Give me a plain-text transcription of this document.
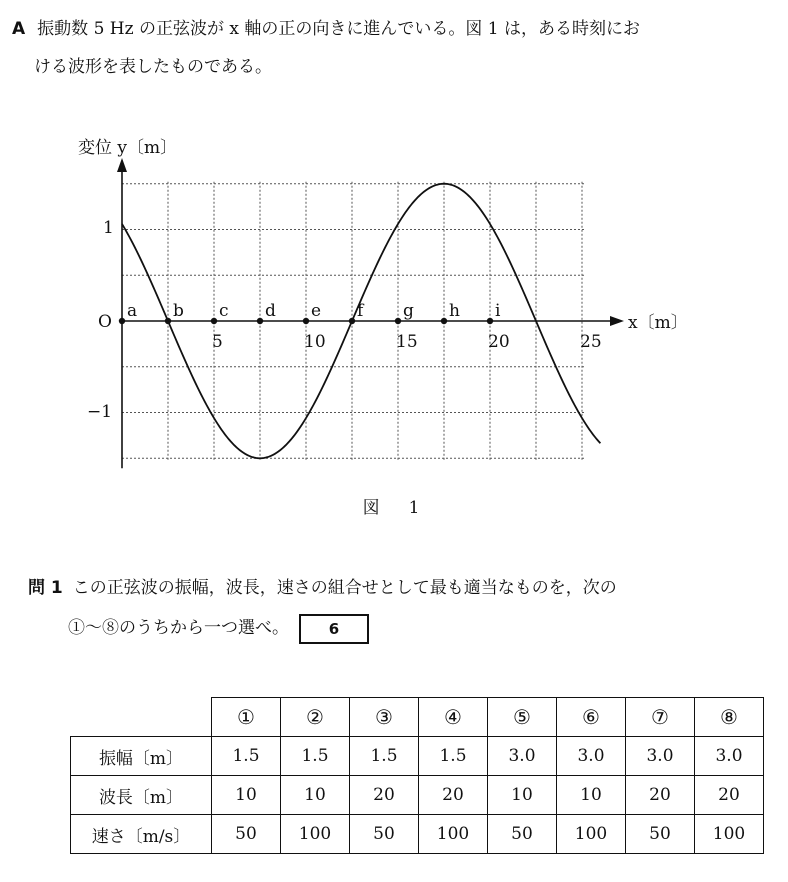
A 振動数 5 Hz の正弦波が x 軸の正の向きに進んでいる。図 1 は，ある時刻にお
ける波形を表したものである。
5	10	15	20	25
a b c d e f g h i
変位 y〔m〕
x〔m〕
O
1
−1
図　1
問 1 この正弦波の振幅，波長，速さの組合せとして最も適当なものを，次の
①～⑧のうちから一つ選べ。	6
	①	②	③	④	⑤	⑥	⑦	⑧
振幅〔m〕	1.5	1.5	1.5	1.5	3.0	3.0	3.0	3.0
波長〔m〕	10	10	20	20	10	10	20	20
速さ〔m/s〕	50	100	50	100	50	100	50	100
